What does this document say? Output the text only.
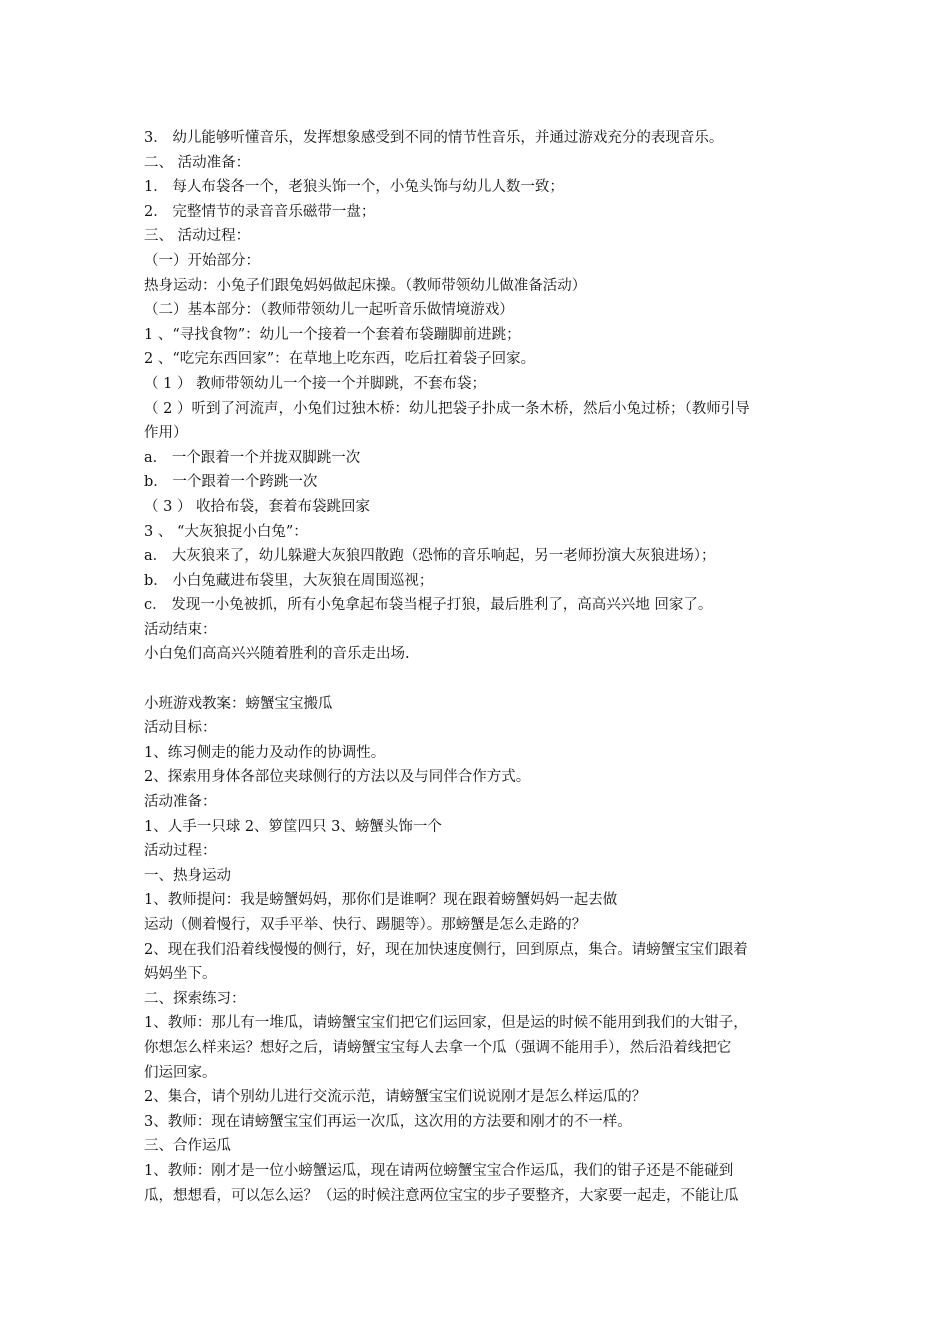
3． 幼儿能够听懂音乐，发挥想象感受到不同的情节性音乐，并通过游戏充分的表现音乐。
二、 活动准备：
1． 每人布袋各一个，老狼头饰一个，小兔头饰与幼儿人数一致；
2． 完整情节的录音音乐磁带一盘；
三、 活动过程：
（一）开始部分：
热身运动：小兔子们跟兔妈妈做起床操。（教师带领幼儿做准备活动）
（二）基本部分：（教师带领幼儿一起听音乐做情境游戏）
1 、“寻找食物”：幼儿一个接着一个套着布袋蹦脚前进跳；
2 、“吃完东西回家”：在草地上吃东西，吃后扛着袋子回家。
（ 1 ） 教师带领幼儿一个接一个并脚跳，不套布袋；
（ 2 ）听到了河流声，小兔们过独木桥：幼儿把袋子扑成一条木桥，然后小兔过桥；（教师引导
作用）
a． 一个跟着一个并拢双脚跳一次
b． 一个跟着一个跨跳一次
（ 3 ） 收拾布袋，套着布袋跳回家
3 、 “大灰狼捉小白兔”：
a． 大灰狼来了，幼儿躲避大灰狼四散跑（恐怖的音乐响起，另一老师扮演大灰狼进场）；
b． 小白兔藏进布袋里，大灰狼在周围巡视；
c． 发现一小兔被抓，所有小兔拿起布袋当棍子打狼，最后胜利了，高高兴兴地 回家了。
活动结束：
小白兔们高高兴兴随着胜利的音乐走出场.
小班游戏教案：螃蟹宝宝搬瓜
活动目标：
1、练习侧走的能力及动作的协调性。
2、探索用身体各部位夹球侧行的方法以及与同伴合作方式。
活动准备：
1、人手一只球 2、箩筐四只 3、螃蟹头饰一个
活动过程：
一、热身运动
1、教师提问：我是螃蟹妈妈，那你们是谁啊？现在跟着螃蟹妈妈一起去做
运动（侧着慢行，双手平举、快行、踢腿等）。那螃蟹是怎么走路的？
2、现在我们沿着线慢慢的侧行，好，现在加快速度侧行，回到原点，集合。请螃蟹宝宝们跟着
妈妈坐下。
二、探索练习：
1、教师：那儿有一堆瓜，请螃蟹宝宝们把它们运回家，但是运的时候不能用到我们的大钳子，
你想怎么样来运？想好之后，请螃蟹宝宝每人去拿一个瓜（强调不能用手），然后沿着线把它
们运回家。
2、集合，请个别幼儿进行交流示范，请螃蟹宝宝们说说刚才是怎么样运瓜的？
3、教师：现在请螃蟹宝宝们再运一次瓜，这次用的方法要和刚才的不一样。
三、合作运瓜
1、教师：刚才是一位小螃蟹运瓜，现在请两位螃蟹宝宝合作运瓜，我们的钳子还是不能碰到
瓜，想想看，可以怎么运？（运的时候注意两位宝宝的步子要整齐，大家要一起走，不能让瓜
